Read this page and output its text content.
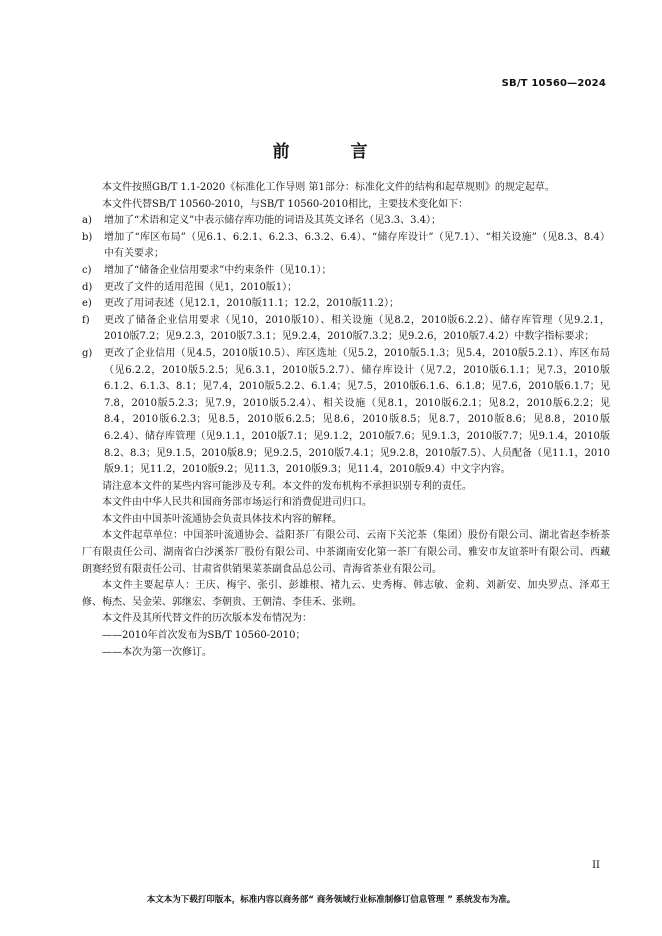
SB/T 10560—2024
前　言

本文件按照GB/T 1.1-2020《标准化工作导则 第1部分：标准化文件的结构和起草规则》的规定起草。

本文件代替SB/T 10560-2010，与SB/T 10560-2010相比，主要技术变化如下：

a) 增加了“术语和定义”中表示储存库功能的词语及其英文译名（见3.3、3.4）；

b) 增加了“库区布局”（见6.1、6.2.1、6.2.3、6.3.2、6.4）、“储存库设计”（见7.1）、“相关设施”（见8.3、8.4）中有关要求；

c) 增加了“储备企业信用要求”中约束条件（见10.1）；

d) 更改了文件的适用范围（见1，2010版1）；

e) 更改了用词表述（见12.1，2010版11.1；12.2，2010版11.2）；

f) 更改了储备企业信用要求（见10，2010版10）、相关设施（见8.2，2010版6.2.2）、储存库管理（见9.2.1，2010版7.2；见9.2.3，2010版7.3.1；见9.2.4，2010版7.3.2；见9.2.6，2010版7.4.2）中数字指标要求；

g) 更改了企业信用（见4.5，2010版10.5）、库区选址（见5.2，2010版5.1.3；见5.4，2010版5.2.1）、库区布局（见6.2.2，2010版5.2.5；见6.3.1，2010版5.2.7）、储存库设计（见7.2，2010版6.1.1；见7.3，2010版6.1.2、6.1.3、8.1；见7.4，2010版5.2.2、6.1.4；见7.5，2010版6.1.6、6.1.8；见7.6，2010版6.1.7；见7.8，2010版5.2.3；见7.9，2010版5.2.4）、相关设施（见8.1，2010版6.2.1；见8.2，2010版6.2.2；见8.4，2010版6.2.3；见8.5，2010版6.2.5；见8.6，2010版8.5；见8.7，2010版8.6；见8.8，2010版6.2.4）、储存库管理（见9.1.1，2010版7.1；见9.1.2，2010版7.6；见9.1.3，2010版7.7；见9.1.4，2010版8.2、8.3；见9.1.5，2010版8.9；见9.2.5，2010版7.4.1；见9.2.8，2010版7.5）、人员配备（见11.1，2010版9.1；见11.2，2010版9.2；见11.3，2010版9.3；见11.4，2010版9.4）中文字内容。

请注意本文件的某些内容可能涉及专利。本文件的发布机构不承担识别专利的责任。

本文件由中华人民共和国商务部市场运行和消费促进司归口。

本文件由中国茶叶流通协会负责具体技术内容的解释。

本文件起草单位：中国茶叶流通协会、益阳茶厂有限公司、云南下关沱茶（集团）股份有限公司、湖北省赵李桥茶厂有限责任公司、湖南省白沙溪茶厂股份有限公司、中茶湖南安化第一茶厂有限公司、雅安市友谊茶叶有限公司、西藏朗赛经贸有限责任公司、甘肃省供销果菜茶副食品总公司、青海省茶业有限公司。

本文件主要起草人：王庆、梅宇、张引、彭雄根、褚九云、史秀梅、韩志敏、金莉、刘新安、加央罗点、泽邓王修、梅杰、吴金荣、郭继宏、李朝贵、王朝清、李佳禾、张朔。

本文件及其所代替文件的历次版本发布情况为：

——2010年首次发布为SB/T 10560-2010；

——本次为第一次修订。

II
本文本为下载打印版本，标准内容以商务部“ 商务领域行业标准制修订信息管理 ” 系统发布为准。
